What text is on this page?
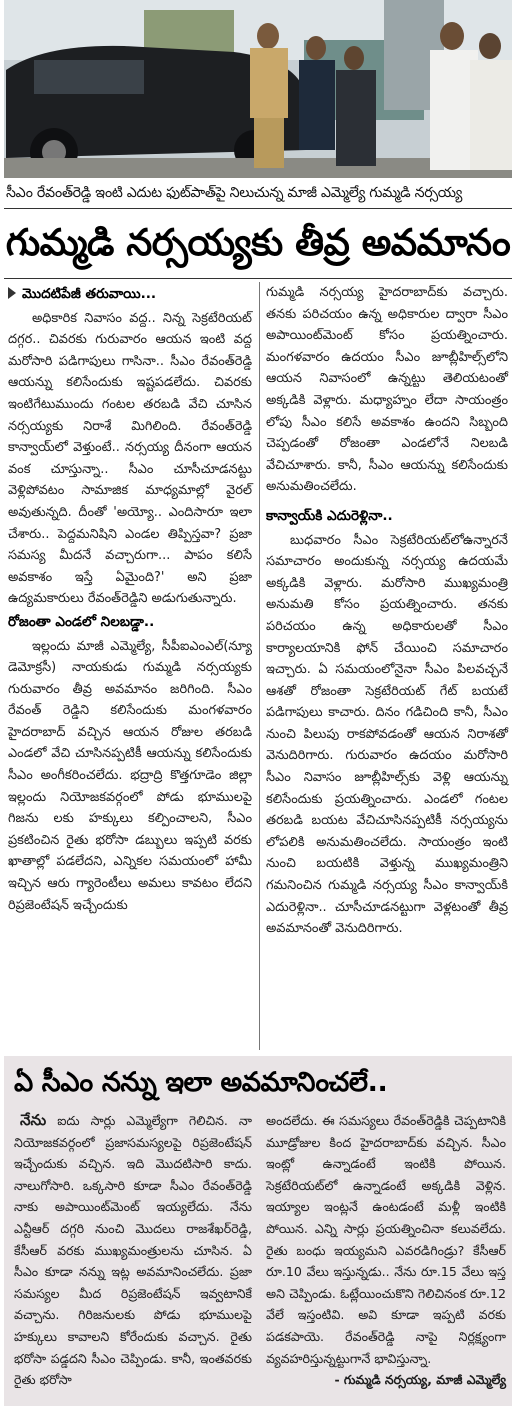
సీఎం రేవంత్‌రెడ్డి ఇంటి ఎదుట ఫుట్‌పాత్‌పై నిలుచున్న మాజీ ఎమ్మెల్యే గుమ్మడి నర్సయ్య
గుమ్మడి నర్సయ్యకు తీవ్ర అవమానం

మొదటిపేజీ తరువాయి...

అధికారిక నివాసం వద్ద.. నిన్న సెక్రటేరియట్ దగ్గర.. చివరకు గురువారం ఆయన ఇంటి వద్ద మరోసారి పడిగాపులు గాసినా.. సీఎం రేవంత్‌రెడ్డి ఆయన్ను కలిసేందుకు ఇష్టపడలేదు. చివరకు ఇంటిగేటుముందు గంటల తరబడి వేచి చూసిన నర్సయ్యకు నిరాశే మిగిలింది. రేవంత్‌రెడ్డి కాన్వాయ్‌లో వెళ్తుంటే.. నర్సయ్య దీనంగా ఆయన వంక చూస్తున్నా.. సీఎం చూసీచూడనట్టు వెళ్లిపోవటం సామాజిక మాధ్యమాల్లో వైరల్ అవుతున్నది. దీంతో 'అయ్యో.. ఎందిసారూ ఇలా చేశారు.. పెద్దమనిషిని ఎండల తిప్పిస్తవా? ప్రజా సమస్య మీదనే వచ్చారుగా... పాపం కలిసే అవకాశం ఇస్తే ఏమైంది?' అని ప్రజా ఉద్యమకారులు రేవంత్‌రెడ్డిని అడుగుతున్నారు.

రోజంతా ఎండలో నిలబడ్డా..

ఇల్లందు మాజీ ఎమ్మెల్యే, సీపీఐఎంఎల్(న్యూ డెమోక్రసీ) నాయకుడు గుమ్మడి నర్సయ్యకు గురువారం తీవ్ర అవమానం జరిగింది. సీఎం రేవంత్ రెడ్డిని కలిసేందుకు మంగళవారం హైదరాబాద్ వచ్చిన ఆయన రోజుల తరబడి ఎండలో వేచి చూసినప్పటికీ ఆయన్ను కలిసేందుకు సీఎం అంగీకరించలేదు. భద్రాద్రి కొత్తగూడెం జిల్లా ఇల్లందు నియోజకవర్గంలో పోడు భూములపై గిజను లకు హక్కులు కల్పించాలని, సీఎం ప్రకటించిన రైతు భరోసా డబ్బులు ఇప్పటి వరకు ఖాతాల్లో పడలేదని, ఎన్నికల సమయంలో హామీ ఇచ్చిన ఆరు గ్యారెంటీలు అమలు కావటం లేదని రిప్రజెంటేషన్ ఇచ్చేందుకు

గుమ్మడి నర్సయ్య హైదరాబాద్‌కు వచ్చారు. తనకు పరిచయం ఉన్న అధికారుల ద్వారా సీఎం అపాయింట్‌మెంట్ కోసం ప్రయత్నించారు. మంగళవారం ఉదయం సీఎం జూబ్లీహిల్స్‌లోని ఆయన నివాసంలో ఉన్నట్టు తెలియటంతో అక్కడికి వెళ్లారు. మధ్యాహ్నం లేదా సాయంత్రం లోపు సీఎం కలిసే అవకాశం ఉందని సిబ్బంది చెప్పడంతో రోజంతా ఎండలోనే నిలబడి వేచిచూశారు. కానీ, సీఎం ఆయన్ను కలిసేందుకు అనుమతించలేదు.

కాన్వాయ్‌కి ఎదురెళ్లినా..

బుధవారం సీఎం సెక్రటేరియట్‌లోఉన్నారనే సమాచారం అందుకున్న నర్సయ్య ఉదయమే అక్కడికి వెళ్లారు. మరోసారి ముఖ్యమంత్రి అనుమతి కోసం ప్రయత్నించారు. తనకు పరిచయం ఉన్న అధికారులతో సీఎం కార్యాలయానికి ఫోన్ చేయించి సమాచారం ఇచ్చారు. ఏ సమయంలోనైనా సీఎం పిలవచ్చనే ఆశతో రోజంతా సెక్రటేరియట్ గేట్ బయటే పడిగాపులు కాచారు. దినం గడిచింది కానీ, సీఎం నుంచి పిలుపు రాకపోవడంతో ఆయన నిరాశతో వెనుదిరిగారు. గురువారం ఉదయం మరోసారి సీఎం నివాసం జూబ్లీహిల్స్‌కు వెళ్లి ఆయన్ను కలిసేందుకు ప్రయత్నించారు. ఎండలో గంటల తరబడి బయట వేచిచూసినప్పటికీ నర్సయ్యను లోపలికి అనుమతించలేదు. సాయంత్రం ఇంటి నుంచి బయటికి వెళ్తున్న ముఖ్యమంత్రిని గమనించిన గుమ్మడి నర్సయ్య సీఎం కాన్వాయ్‌కి ఎదురెళ్లినా.. చూసీచూడనట్టుగా వెళ్లటంతో తీవ్ర అవమానంతో వెనుదిరిగారు.

ఏ సీఎం నన్ను ఇలా అవమానించలే..

నేను ఐదు సార్లు ఎమ్మెల్యేగా గెలిచిన. నా నియోజకవర్గంలో ప్రజాసమస్యలపై రిప్రజెంటేషన్ ఇచ్చేందుకు వచ్చిన. ఇది మొదటిసారి కాదు. నాలుగోసారి. ఒక్కసారి కూడా సీఎం రేవంత్‌రెడ్డి నాకు అపాయింట్‌మెంట్ ఇయ్యలేదు. నేను ఎన్టీఆర్ దగ్గరి నుంచి మొదలు రాజశేఖర్‌రెడ్డి, కేసీఆర్ వరకు ముఖ్యమంత్రులను చూసిన. ఏ సీఎం కూడా నన్ను ఇట్ల అవమానించలేదు. ప్రజా సమస్యల మీద రిప్రజెంటేషన్ ఇవ్వటానికే వచ్చాను. గిరిజనులకు పోడు భూములపై హక్కులు కావాలని కోరేందుకు వచ్చాన. రైతు భరోసా పడ్డదని సీఎం చెప్పిండు. కానీ, ఇంతవరకు రైతు భరోసా

అందలేదు. ఈ సమస్యలు రేవంత్‌రెడ్డికి చెప్పటానికి మూడ్రోజుల కింద హైదరాబాద్‌కు వచ్చిన. సీఎం ఇంట్లో ఉన్నాడంటే ఇంటికి పోయిన. సెక్రటేరియట్‌లో ఉన్నాడంటే అక్కడికి వెళ్లిన. ఇయ్యాల ఇంట్లనే ఉంటడంటే మళ్లీ ఇంటికి పోయిన. ఎన్ని సార్లు ప్రయత్నించినా కలువలేదు. రైతు బంధు ఇయ్యమని ఎవరడిగిండ్రు? కేసీఆర్ రూ.10 వేలు ఇస్తున్నడు.. నేను రూ.15 వేలు ఇస్త అని చెప్పిండు. ఓట్లేయించుకొని గెలిచినంక రూ.12 వేలే ఇస్తంటివి. అవి కూడా ఇప్పటి వరకు పడకపాయె. రేవంత్‌రెడ్డి నాపై నిర్లక్ష్యంగా వ్యవహరిస్తున్నట్టుగానే భావిస్తున్నా.

- గుమ్మడి నర్సయ్య, మాజీ ఎమ్మెల్యే
